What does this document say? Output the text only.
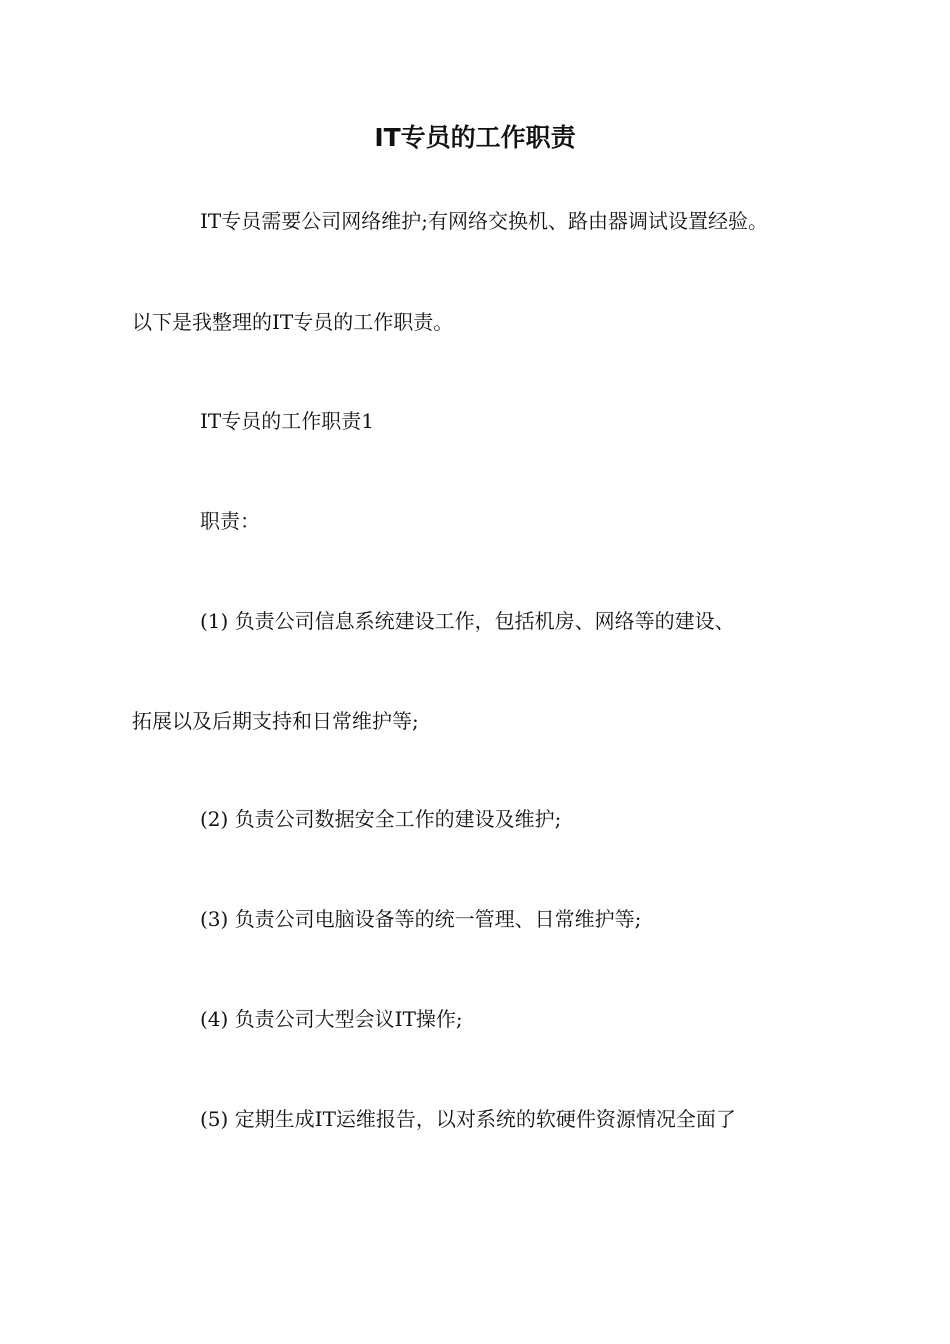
IT专员的工作职责

IT专员需要公司网络维护;有网络交换机、路由器调试设置经验。

以下是我整理的IT专员的工作职责。

IT专员的工作职责1

职责：

(1) 负责公司信息系统建设工作，包括机房、网络等的建设、

拓展以及后期支持和日常维护等;

(2) 负责公司数据安全工作的建设及维护;

(3) 负责公司电脑设备等的统一管理、日常维护等;

(4) 负责公司大型会议IT操作;

(5) 定期生成IT运维报告，以对系统的软硬件资源情况全面了
